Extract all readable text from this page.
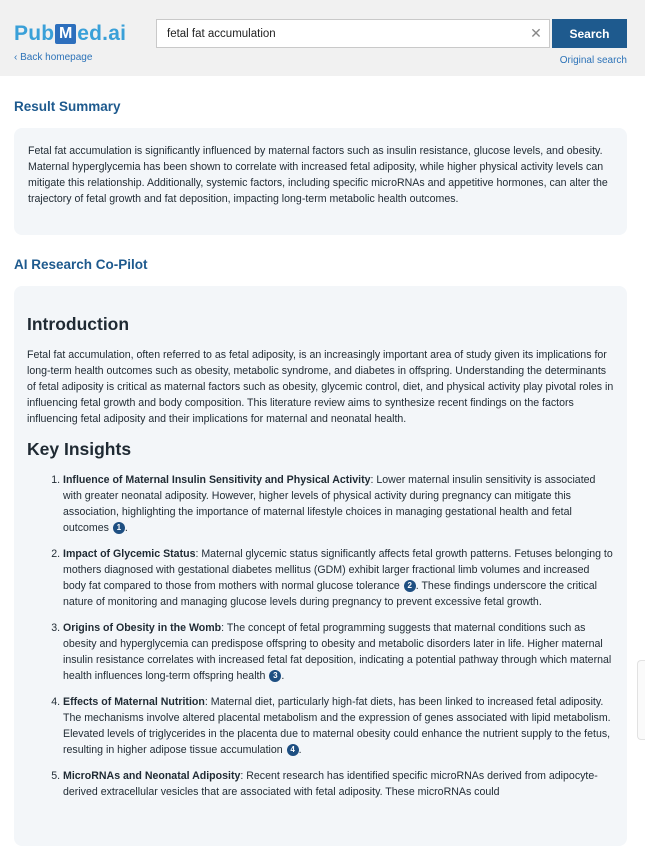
Pub M ed.ai
‹ Back homepage
fetal fat accumulation
✕	Search
Original search
Result Summary
Fetal fat accumulation is significantly influenced by maternal factors such as insulin resistance, glucose levels, and obesity. Maternal hyperglycemia has been shown to correlate with increased fetal adiposity, while higher physical activity levels can mitigate this relationship. Additionally, systemic factors, including specific microRNAs and appetitive hormones, can alter the trajectory of fetal growth and fat deposition, impacting long-term metabolic health outcomes.
AI Research Co-Pilot
Introduction

Fetal fat accumulation, often referred to as fetal adiposity, is an increasingly important area of study given its implications for long-term health outcomes such as obesity, metabolic syndrome, and diabetes in offspring. Understanding the determinants of fetal adiposity is critical as maternal factors such as obesity, glycemic control, diet, and physical activity play pivotal roles in influencing fetal growth and body composition. This literature review aims to synthesize recent findings on the factors influencing fetal adiposity and their implications for maternal and neonatal health.

Key Insights
1. Influence of Maternal Insulin Sensitivity and Physical Activity: Lower maternal insulin sensitivity is associated with greater neonatal adiposity. However, higher levels of physical activity during pregnancy can mitigate this association, highlighting the importance of maternal lifestyle choices in managing gestational health and fetal outcomes 1 .
2. Impact of Glycemic Status: Maternal glycemic status significantly affects fetal growth patterns. Fetuses belonging to mothers diagnosed with gestational diabetes mellitus (GDM) exhibit larger fractional limb volumes and increased body fat compared to those from mothers with normal glucose tolerance 2 . These findings underscore the critical nature of monitoring and managing glucose levels during pregnancy to prevent excessive fetal growth.
3. Origins of Obesity in the Womb: The concept of fetal programming suggests that maternal conditions such as obesity and hyperglycemia can predispose offspring to obesity and metabolic disorders later in life. Higher maternal insulin resistance correlates with increased fetal fat deposition, indicating a potential pathway through which maternal health influences long-term offspring health 3 .
4. Effects of Maternal Nutrition: Maternal diet, particularly high-fat diets, has been linked to increased fetal adiposity. The mechanisms involve altered placental metabolism and the expression of genes associated with lipid metabolism. Elevated levels of triglycerides in the placenta due to maternal obesity could enhance the nutrient supply to the fetus, resulting in higher adipose tissue accumulation 4 .
5. MicroRNAs and Neonatal Adiposity: Recent research has identified specific microRNAs derived from adipocyte-derived extracellular vesicles that are associated with fetal adiposity. These microRNAs could
